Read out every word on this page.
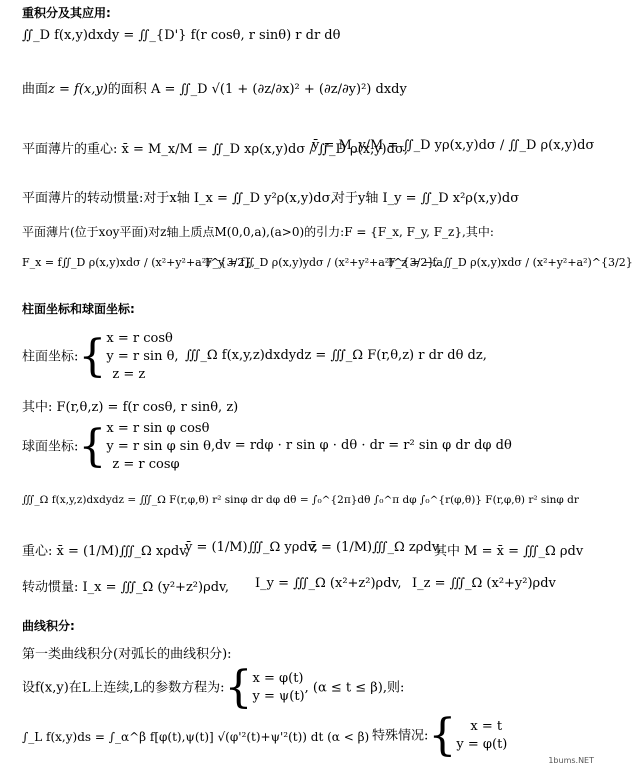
重积分及其应用:
∬_D f(x,y)dxdy = ∬_{D'} f(r cosθ, r sinθ) r dr dθ
曲面z = f(x,y)的面积 A = ∬_D √(1 + (∂z/∂x)² + (∂z/∂y)²) dxdy
平面薄片的重心: x̄ = M_x/M = ∬_D xρ(x,y)dσ / ∬_D ρ(x,y)dσ,
ȳ = M_y/M = ∬_D yρ(x,y)dσ / ∬_D ρ(x,y)dσ
平面薄片的转动惯量:对于x轴 I_x = ∬_D y²ρ(x,y)dσ,
对于y轴 I_y = ∬_D x²ρ(x,y)dσ
平面薄片(位于xoy平面)对z轴上质点M(0,0,a),(a>0)的引力:F = {F_x, F_y, F_z},其中:
F_x = f∬_D ρ(x,y)xdσ / (x²+y²+a²)^{3/2},
F_y = f∬_D ρ(x,y)ydσ / (x²+y²+a²)^{3/2},
F_z = −fa∬_D ρ(x,y)xdσ / (x²+y²+a²)^{3/2}
柱面坐标和球面坐标:
柱面坐标:{ x = r cosθ
y = r sin θ,
z = z
∭_Ω f(x,y,z)dxdydz = ∭_Ω F(r,θ,z) r dr dθ dz,
其中: F(r,θ,z) = f(r cosθ, r sinθ, z)
球面坐标:{ x = r sin φ cosθ
y = r sin φ sin θ,
z = r cosφ
dv = rdφ · r sin φ · dθ · dr = r² sin φ dr dφ dθ
∭_Ω f(x,y,z)dxdydz = ∭_Ω F(r,φ,θ) r² sinφ dr dφ dθ = ∫₀^{2π}dθ ∫₀^π dφ ∫₀^{r(φ,θ)} F(r,φ,θ) r² sinφ dr
重心: x̄ = (1/M)∭_Ω xρdv,
ȳ = (1/M)∭_Ω yρdv,
z̄ = (1/M)∭_Ω zρdv,
其中 M = x̄ = ∭_Ω ρdv
转动惯量: I_x = ∭_Ω (y²+z²)ρdv, I_y = ∭_Ω (x²+z²)ρdv, I_z = ∭_Ω (x²+y²)ρdv
曲线积分:
第一类曲线积分(对弧长的曲线积分):
设f(x,y)在L上连续,L的参数方程为:{ x = φ(t)
y = ψ(t)
, (α ≤ t ≤ β),则:
∫_L f(x,y)ds = ∫_α^β f[φ(t),ψ(t)] √(φ'²(t)+ψ'²(t)) dt (α < β) 特殊情况:{	x = t
y = φ(t)
1bums.NET
